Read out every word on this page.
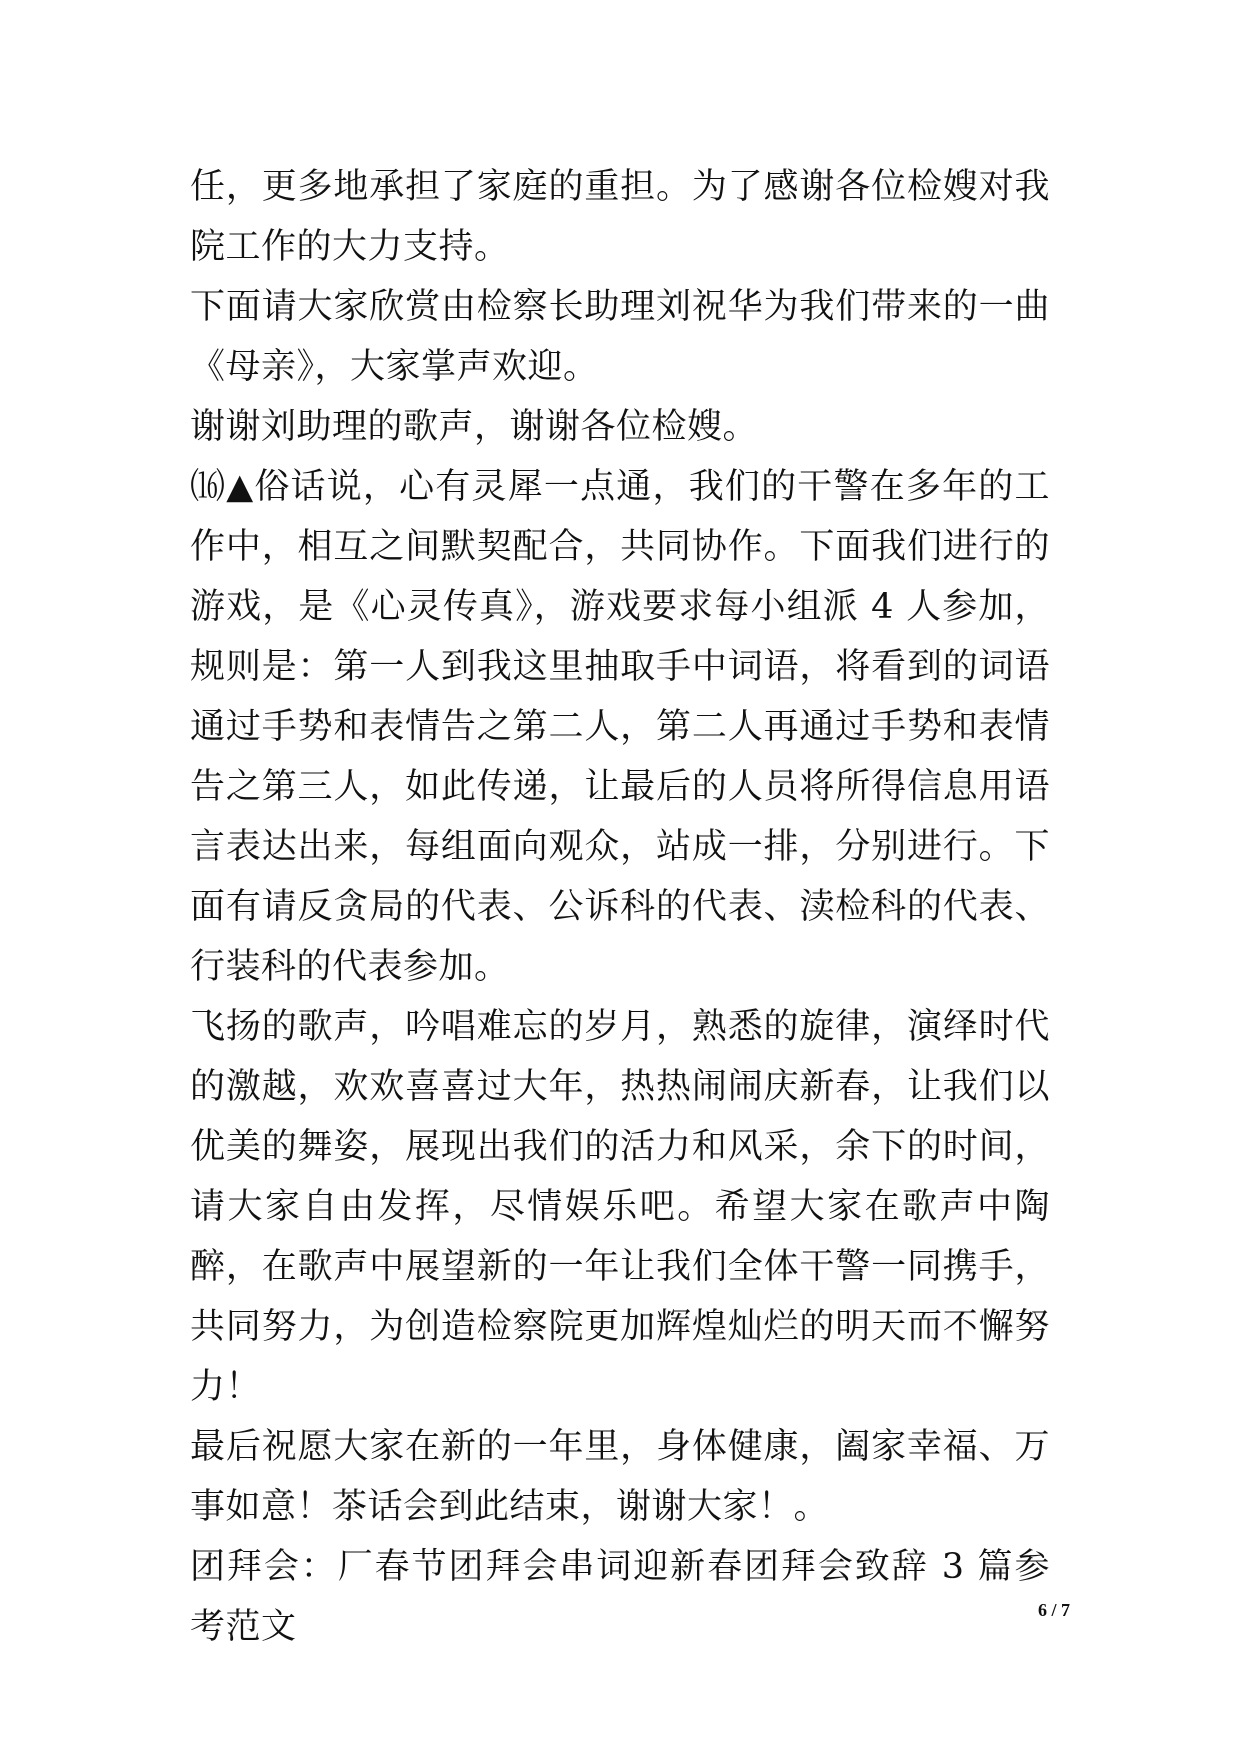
任，更多地承担了家庭的重担。为了感谢各位检嫂对我院工作的大力支持。

下面请大家欣赏由检察长助理刘祝华为我们带来的一曲《母亲》，大家掌声欢迎。

谢谢刘助理的歌声，谢谢各位检嫂。

⒃▲俗话说，心有灵犀一点通，我们的干警在多年的工作中，相互之间默契配合，共同协作。下面我们进行的游戏，是《心灵传真》，游戏要求每小组派 4 人参加，规则是：第一人到我这里抽取手中词语，将看到的词语通过手势和表情告之第二人，第二人再通过手势和表情告之第三人，如此传递，让最后的人员将所得信息用语言表达出来，每组面向观众，站成一排，分别进行。下面有请反贪局的代表、公诉科的代表、渎检科的代表、行装科的代表参加。

飞扬的歌声，吟唱难忘的岁月，熟悉的旋律，演绎时代的激越，欢欢喜喜过大年，热热闹闹庆新春，让我们以优美的舞姿，展现出我们的活力和风采，余下的时间，请大家自由发挥，尽情娱乐吧。希望大家在歌声中陶醉，在歌声中展望新的一年让我们全体干警一同携手，共同努力，为创造检察院更加辉煌灿烂的明天而不懈努力！

最后祝愿大家在新的一年里，身体健康，阖家幸福、万事如意！茶话会到此结束，谢谢大家！。

团拜会：厂春节团拜会串词迎新春团拜会致辞 3 篇参考范文	6 / 7
